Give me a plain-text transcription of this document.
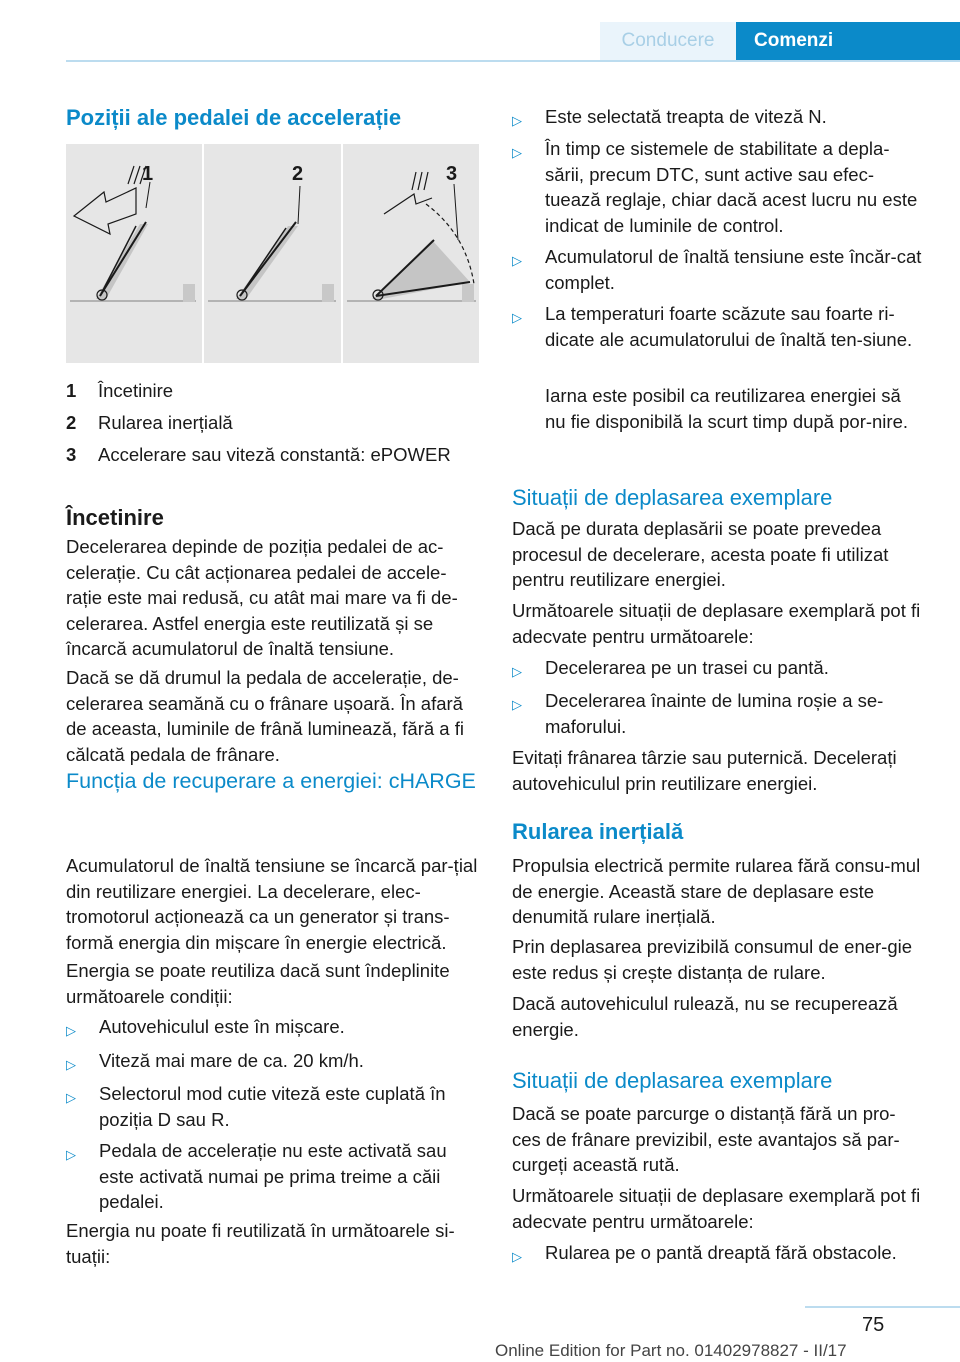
Conducere	Comenzi
Poziții ale pedalei de accelerație
1 Încetinire
2 Rularea inerțială
3 Accelerare sau viteză constantă: ePOWER
Încetinire

Decelerarea depinde de poziția pedalei de ac-celerație. Cu cât acționarea pedalei de accele-rație este mai redusă, cu atât mai mare va fi de-celerarea. Astfel energia este reutilizată și se încarcă acumulatorul de înaltă tensiune.

Dacă se dă drumul la pedala de accelerație, de-celerarea seamănă cu o frânare ușoară. În afară de aceasta, luminile de frână luminează, fără a fi călcată pedala de frânare.

Funcția de recuperare a energiei: cHARGE

Acumulatorul de înaltă tensiune se încarcă par-țial din reutilizare energiei. La decelerare, elec-tromotorul acționează ca un generator și trans-formă energia din mișcare în energie electrică.

Energia se poate reutiliza dacă sunt îndeplinite următoarele condiții:

▷ Autovehiculul este în mișcare.
▷ Viteză mai mare de ca. 20 km/h.
▷ Selectorul mod cutie viteză este cuplată în poziția D sau R.
▷ Pedala de accelerație nu este activată sau este activată numai pe prima treime a căii pedalei.

Energia nu poate fi reutilizată în următoarele si-tuații:

1	2	3
▷ Este selectată treapta de viteză N.
▷ În timp ce sistemele de stabilitate a depla-sării, precum DTC, sunt active sau efec-tuează reglaje, chiar dacă acest lucru nu este indicat de luminile de control.
▷ Acumulatorul de înaltă tensiune este încăr-cat complet.
▷ La temperaturi foarte scăzute sau foarte ri-dicate ale acumulatorului de înaltă ten-siune.

Iarna este posibil ca reutilizarea energiei să nu fie disponibilă la scurt timp după por-nire.

Situații de deplasarea exemplare

Dacă pe durata deplasării se poate prevedea procesul de decelerare, acesta poate fi utilizat pentru reutilizare energiei.

Următoarele situații de deplasare exemplară pot fi adecvate pentru următoarele:

▷ Decelerarea pe un trasei cu pantă.
▷ Decelerarea înainte de lumina roșie a se-maforului.

Evitați frânarea târzie sau puternică. Decelerați autovehiculul prin reutilizare energiei.

Rularea inerțială

Propulsia electrică permite rularea fără consu-mul de energie. Această stare de deplasare este denumită rulare inerțială.

Prin deplasarea previzibilă consumul de ener-gie este redus și crește distanța de rulare.

Dacă autovehiculul rulează, nu se recuperează energie.

Situații de deplasarea exemplare

Dacă se poate parcurge o distanță fără un pro-ces de frânare previzibil, este avantajos să par-curgeți această rută.

Următoarele situații de deplasare exemplară pot fi adecvate pentru următoarele:

▷ Rularea pe o pantă dreaptă fără obstacole.
75
Online Edition for Part no. 01402978827 - II/17
